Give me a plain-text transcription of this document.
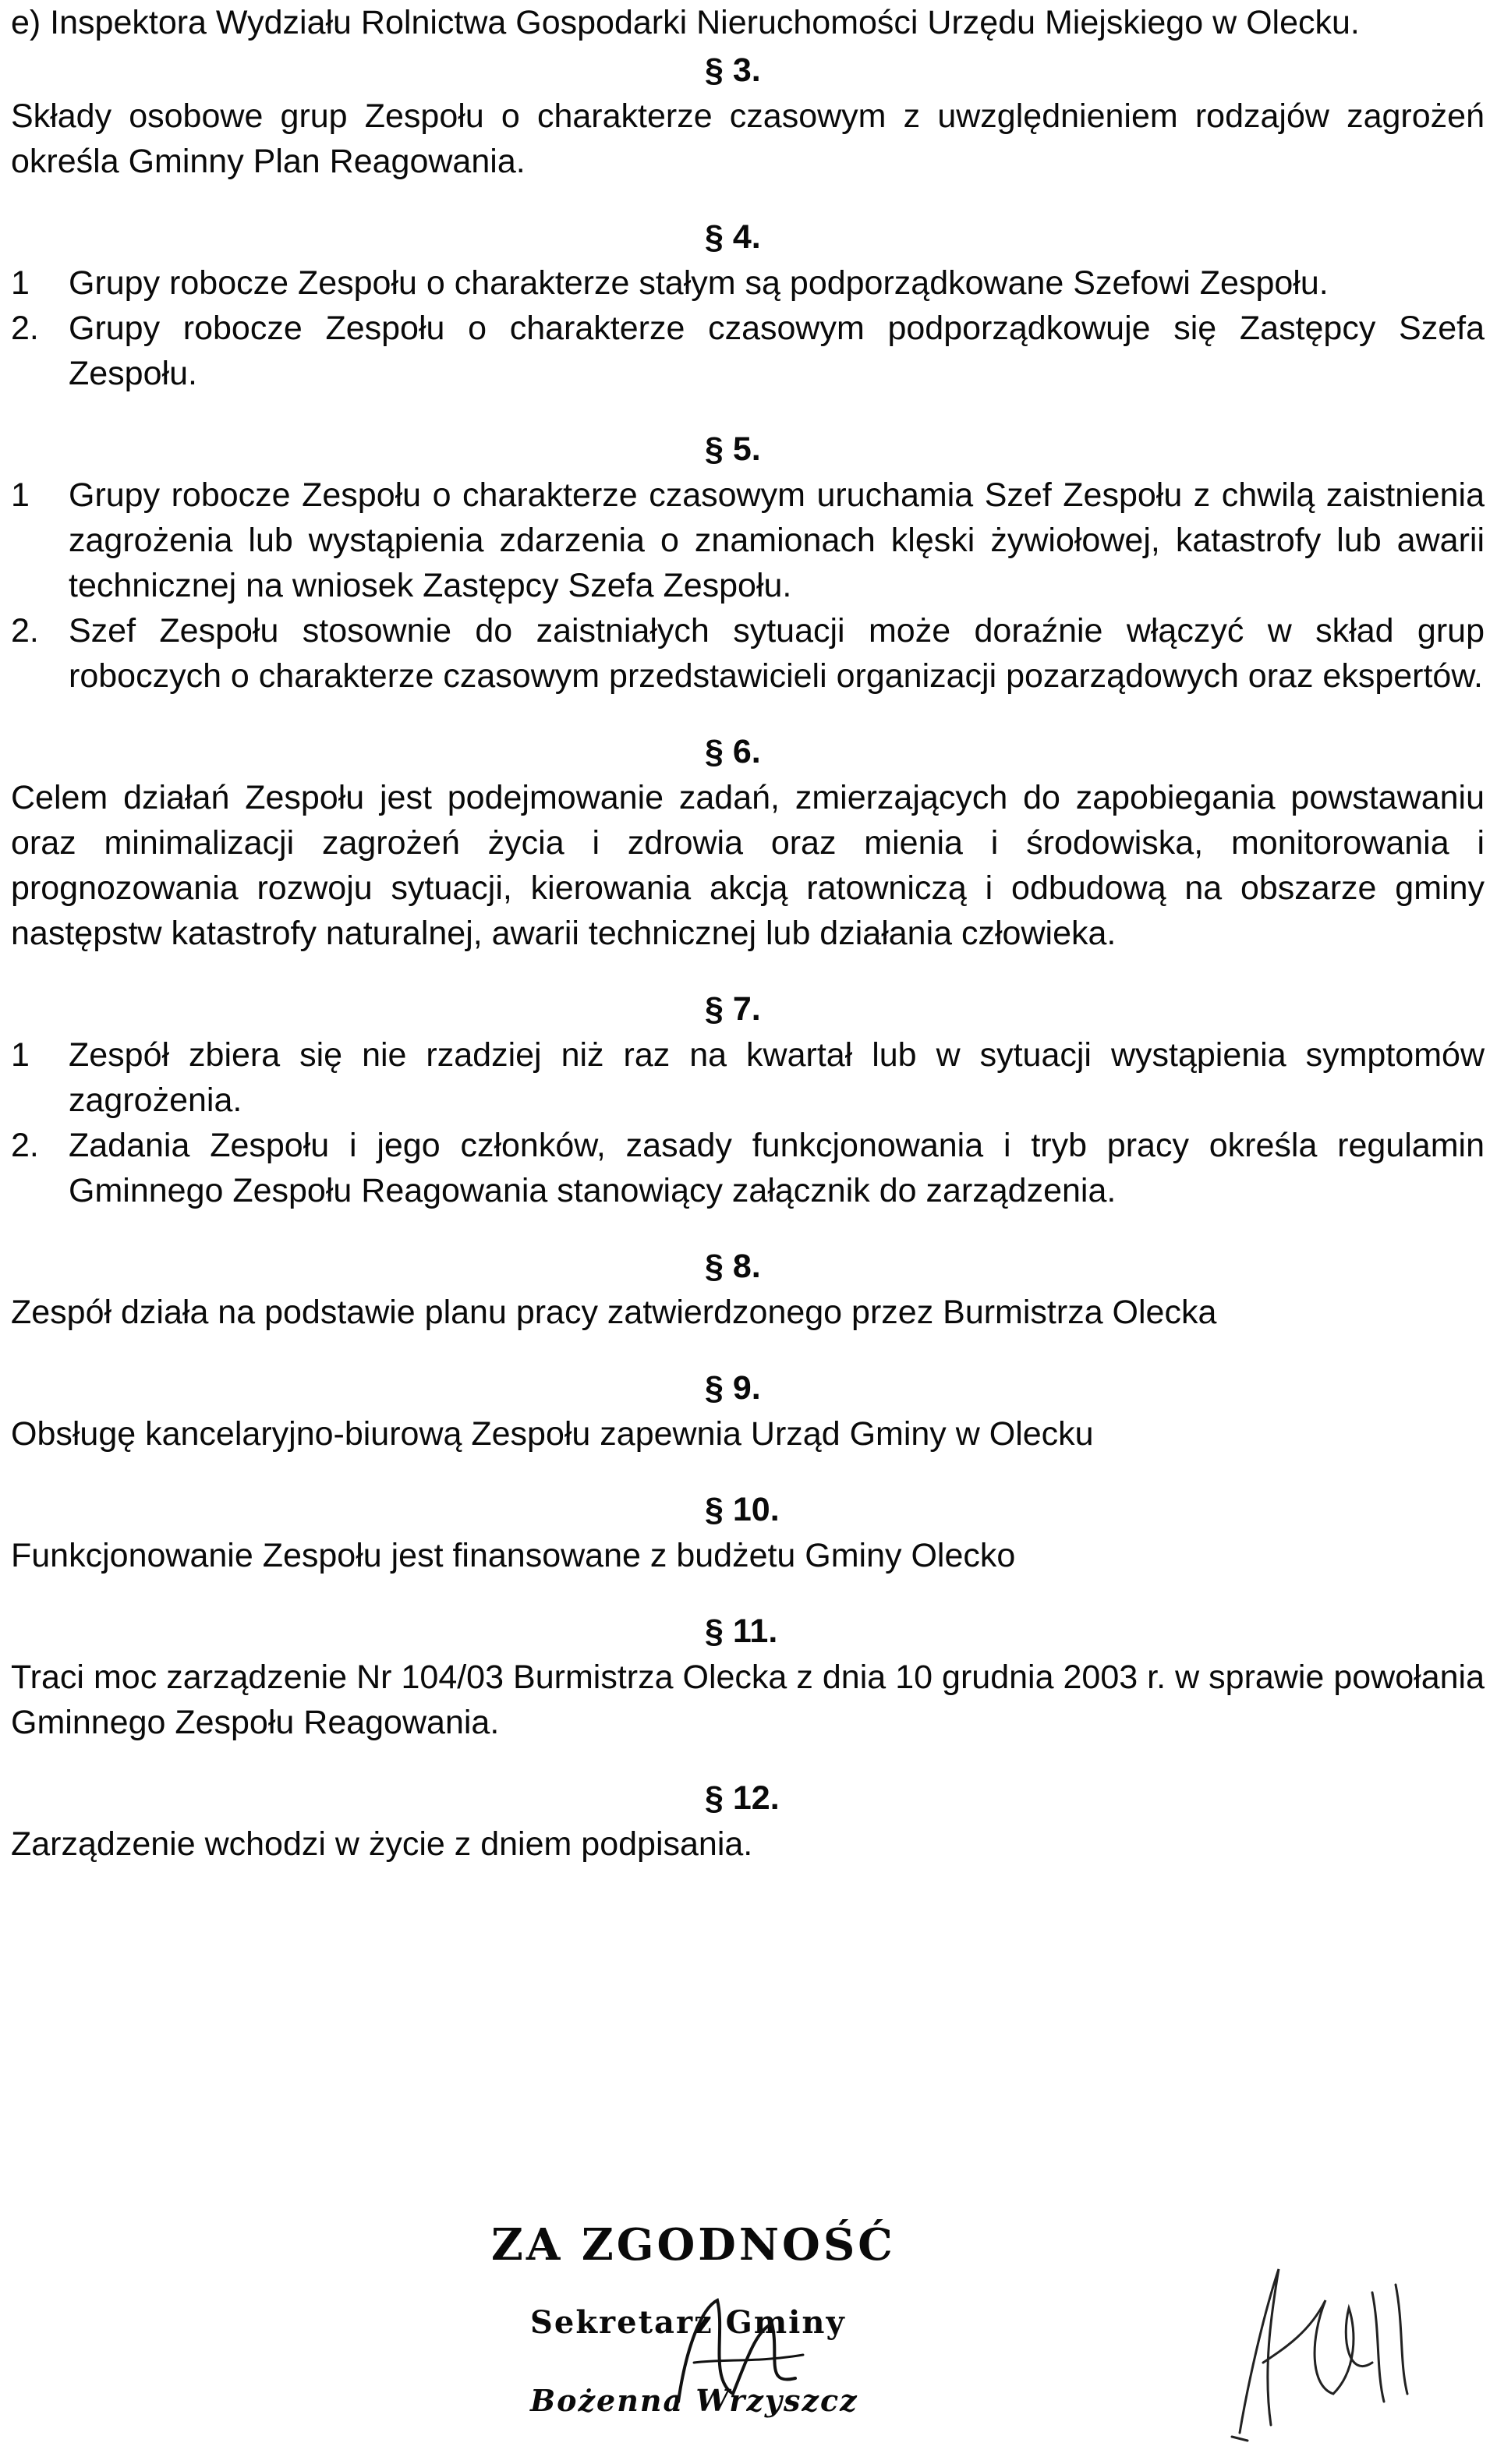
e) Inspektora Wydziału Rolnictwa Gospodarki Nieruchomości Urzędu Miejskiego w Olecku.

§ 3.

Składy osobowe grup Zespołu o charakterze czasowym z uwzględnieniem rodzajów zagrożeń określa Gminny Plan Reagowania.

§ 4.

1	Grupy robocze Zespołu o charakterze stałym są podporządkowane Szefowi Zespołu.
2. Grupy robocze Zespołu o charakterze czasowym podporządkowuje się Zastępcy Szefa Zespołu.

§ 5.

1	Grupy robocze Zespołu o charakterze czasowym uruchamia Szef Zespołu z chwilą zaistnienia zagrożenia lub wystąpienia zdarzenia o znamionach klęski żywiołowej, katastrofy lub awarii technicznej na wniosek Zastępcy Szefa Zespołu.
2. Szef Zespołu stosownie do zaistniałych sytuacji może doraźnie włączyć w skład grup roboczych o charakterze czasowym przedstawicieli organizacji pozarządowych oraz ekspertów.

§ 6.

Celem działań Zespołu jest podejmowanie zadań, zmierzających do zapobiegania powstawaniu oraz minimalizacji zagrożeń życia i zdrowia oraz mienia i środowiska, monitorowania i prognozowania rozwoju sytuacji, kierowania akcją ratowniczą i odbudową na obszarze gminy następstw katastrofy naturalnej, awarii technicznej lub działania człowieka.

§ 7.

1	Zespół zbiera się nie rzadziej niż raz na kwartał lub w sytuacji wystąpienia symptomów zagrożenia.
2. Zadania Zespołu i jego członków, zasady funkcjonowania i tryb pracy określa regulamin Gminnego Zespołu Reagowania stanowiący załącznik do zarządzenia.

§ 8.

Zespół działa na podstawie planu pracy zatwierdzonego przez Burmistrza Olecka

§ 9.

Obsługę kancelaryjno-biurową Zespołu zapewnia Urząd Gminy w Olecku

§ 10.

Funkcjonowanie Zespołu jest finansowane z budżetu Gminy Olecko

§ 11.

Traci moc zarządzenie Nr 104/03 Burmistrza Olecka z dnia 10 grudnia 2003 r. w sprawie powołania Gminnego Zespołu Reagowania.

§ 12.

Zarządzenie wchodzi w życie z dniem podpisania.

ZA ZGODNOŚĆ
Sekretarz Gminy
Bożenna Wrzyszcz
